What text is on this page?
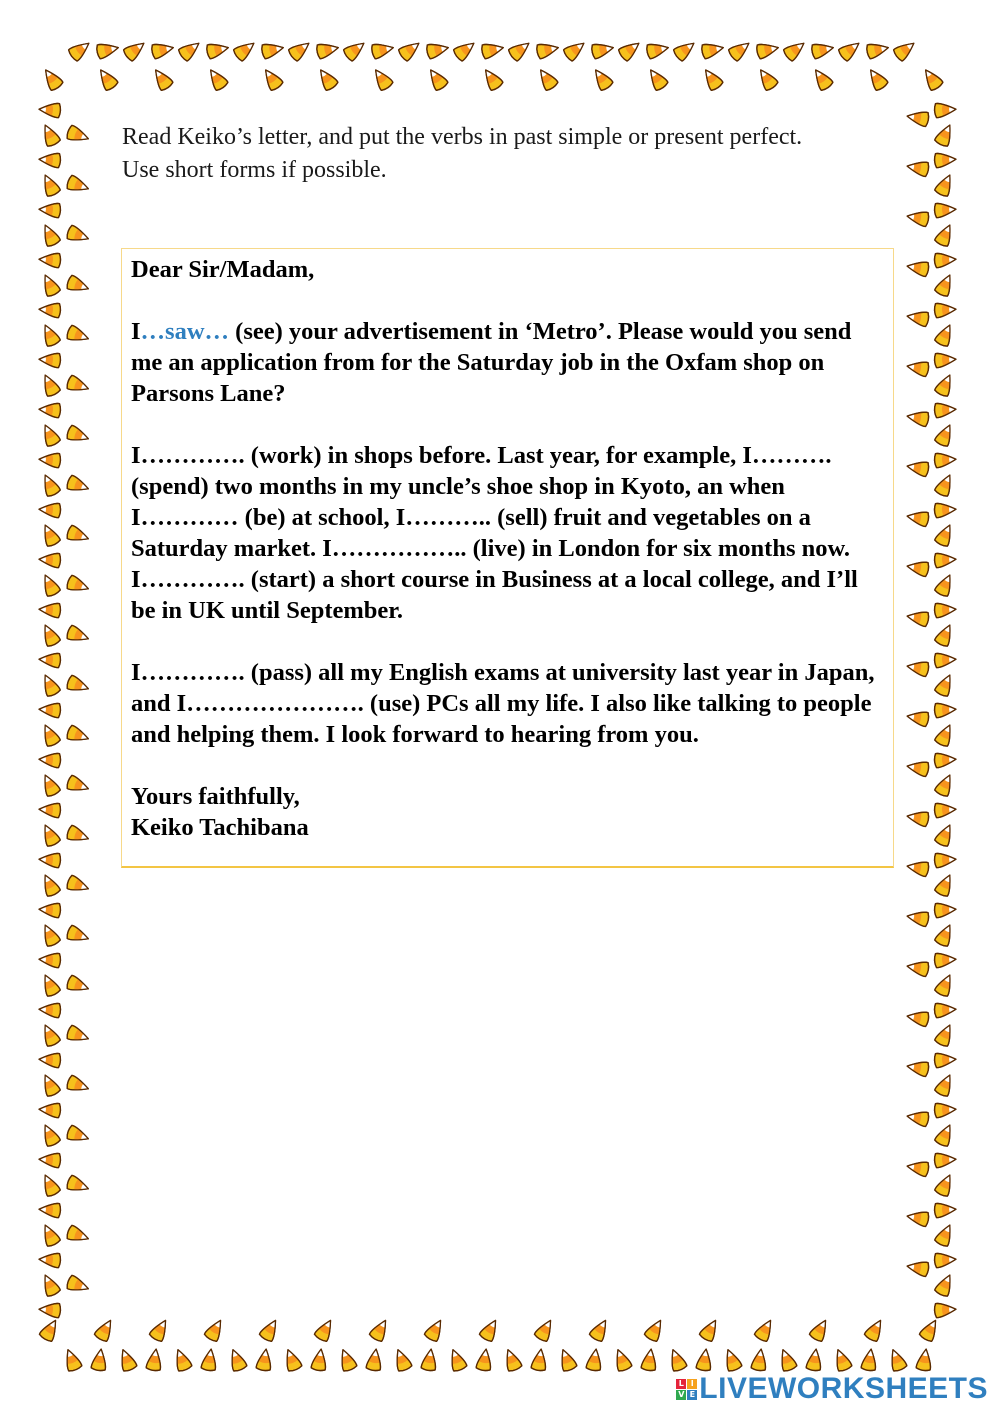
Read Keiko’s letter, and put the verbs in past simple or present perfect. Use short forms if possible.

Dear Sir/Madam,

I…saw… (see) your advertisement in ‘Metro’. Please would you send me an application from for the Saturday job in the Oxfam shop on Parsons Lane?

I…………. (work) in shops before. Last year, for example, I………. (spend) two months in my uncle’s shoe shop in Kyoto, an when I………… (be) at school, I……….. (sell) fruit and vegetables on a Saturday market. I…………….. (live) in London for six months now. I…………. (start) a short course in Business at a local college, and I’ll be in UK until September.

I…………. (pass) all my English exams at university last year in Japan, and I…………………. (use) PCs all my life. I also like talking to people and helping them. I look forward to hearing from you.

Yours faithfully,

Keiko Tachibana

L I
V E LIVEWORKSHEETS
